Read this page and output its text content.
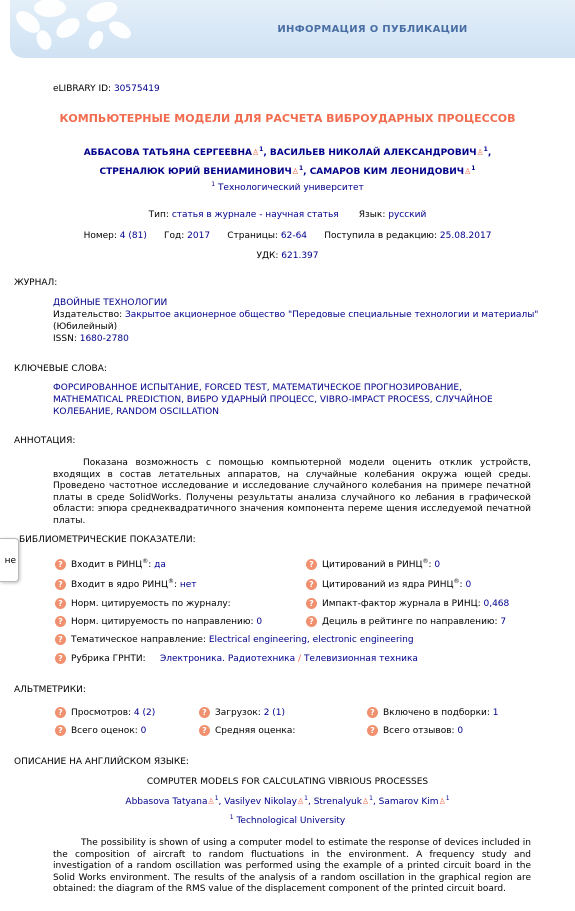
ИНФОРМАЦИЯ О ПУБЛИКАЦИИ
eLIBRARY ID: 30575419
КОМПЬЮТЕРНЫЕ МОДЕЛИ ДЛЯ РАСЧЕТА ВИБРОУДАРНЫХ ПРОЦЕССОВ
АББАСОВА ТАТЬЯНА СЕРГЕЕВНА♙$^1$, ВАСИЛЬЕВ НИКОЛАЙ АЛЕКСАНДРОВИЧ♙$^1$,
СТРЕНАЛЮК ЮРИЙ ВЕНИАМИНОВИЧ♙$^1$, САМАРОВ КИМ ЛЕОНИДОВИЧ♙$^1$
$^1$ Технологический университет
Тип: статья в журнале - научная статья Язык: русский
Номер: 4 (81) Год: 2017 Страницы: 62-64 Поступила в редакцию: 25.08.2017
УДК: 621.397
ЖУРНАЛ:
ДВОЙНЫЕ ТЕХНОЛОГИИ
Издательство: Закрытое акционерное общество "Передовые специальные технологии и материалы"
(Юбилейный)
ISSN: 1680-2780
КЛЮЧЕВЫЕ СЛОВА:
ФОРСИРОВАННОЕ ИСПЫТАНИЕ, FORCED TEST, МАТЕМАТИЧЕСКОЕ ПРОГНОЗИРОВАНИЕ,
MATHEMATICAL PREDICTION, ВИБРО УДАРНЫЙ ПРОЦЕСС, VIBRO-IMPACT PROCESS, СЛУЧАЙНОЕ
КОЛЕБАНИЕ, RANDOM OSCILLATION
АННОТАЦИЯ:
Показана возможность с помощью компьютерной модели оценить отклик устройств, входящих в состав летательных аппаратов, на случайные колебания окружа ющей среды. Проведено частотное исследование и исследование случайного колебания на примере печатной платы в среде SolidWorks. Получены результаты анализа случайного ко лебания в графической области: эпюра среднеквадратичного значения компонента переме щения исследуемой печатной платы.
не
БИБЛИОМЕТРИЧЕСКИЕ ПОКАЗАТЕЛИ:
? Входит в РИНЦ®: да
? Входит в ядро РИНЦ®: нет
? Норм. цитируемость по журналу:
? Норм. цитируемость по направлению: 0
? Тематическое направление: Electrical engineering, electronic engineering
? Рубрика ГРНТИ: Электроника. Радиотехника / Телевизионная техника
? Цитирований в РИНЦ®: 0
? Цитирований из ядра РИНЦ®: 0
? Импакт-фактор журнала в РИНЦ: 0,468
? Дециль в рейтинге по направлению: 7
АЛЬТМЕТРИКИ:
? Просмотров: 4 (2)
? Всего оценок: 0
? Загрузок: 2 (1)
? Средняя оценка:
? Включено в подборки: 1
? Всего отзывов: 0
ОПИСАНИЕ НА АНГЛИЙСКОМ ЯЗЫКЕ:
COMPUTER MODELS FOR CALCULATING VIBRIOUS PROCESSES
Abbasova Tatyana♙$^1$, Vasilyev Nikolay♙$^1$, Strenalyuk♙$^1$, Samarov Kim♙$^1$
$^1$ Technological University
The possibility is shown of using a computer model to estimate the response of devices included in the composition of aircraft to random fluctuations in the environment. A frequency study and investigation of a random oscillation was performed using the example of a printed circuit board in the Solid Works environment. The results of the analysis of a random oscillation in the graphical region are obtained: the diagram of the RMS value of the displacement component of the printed circuit board.
